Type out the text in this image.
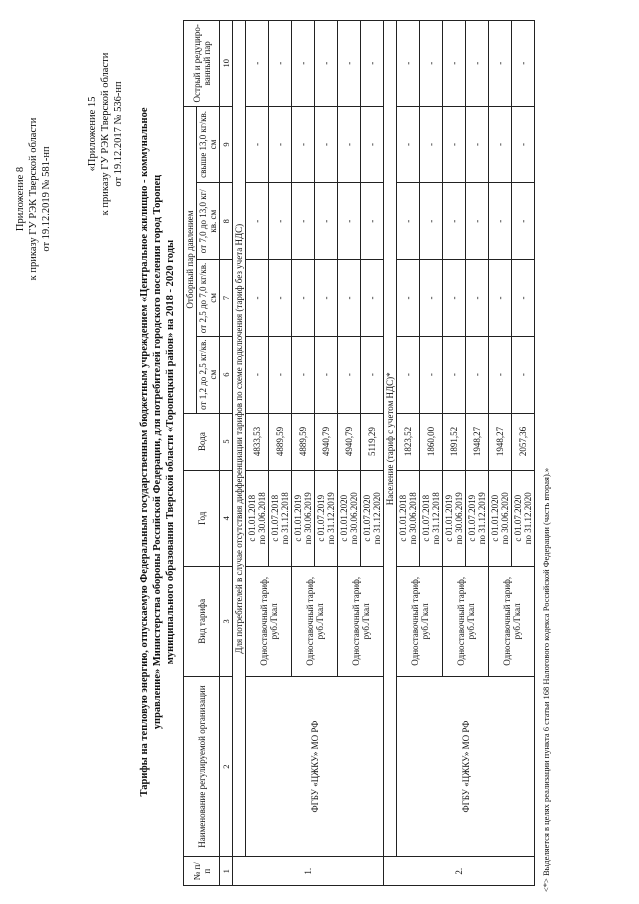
Приложение 8 к приказу ГУ РЭК Тверской области от 19.12.2019 № 581-нп
«Приложение 15 к приказу ГУ РЭК Тверской области от 19.12.2017 № 536-нп Тарифы на тепловую энергию, отпускаемую Федеральным государственным бюджетным учреждением «Центральное жилищно - коммунальное управление» Министерства обороны Российской Федерации, для потребителей городского поселения город Торопец муниципального образования Тверской области «Торопецкий район» на 2018 - 2020 годы
№ п/ п	Наименование регулируемой организации	Вид тарифа	Год	Вода	Отборный пар давлением				Острый и редуциро-ванный пар
					от 1,2 до 2,5 кг/кв. см	от 2,5 до 7,0 кг/кв. см	от 7,0 до 13,0 кг/кв. см	свыше 13,0 кг/кв. см	
1	2	3	4	5	6	7	8	9	10
1.	Для потребителей в случае отсутствия дифференциации тарифов по схеме подключения (тариф без учета НДС)								
	ФГБУ «ЦЖКУ» МО РФ	Одноставочный тариф, руб./Гкал	с 01.01.2018 по 30.06.2018	4833,53	-	-	-	-	-

			с 01.07.2018 по 31.12.2018	4889,59	-	-	-	-	-
		Одноставочный тариф, руб./Гкал	с 01.01.2019 по 30.06.2019	4889,59	-	-	-	-	-

			с 01.07.2019 по 31.12.2019	4940,79	-	-	-	-	-
		Одноставочный тариф, руб./Гкал	с 01.01.2020 по 30.06.2020	4940,79	-	-	-	-	-

			с 01.07.2020 по 31.12.2020	5119,29	-	-	-	-	-
2.	Население (тариф с учетом НДС)*								
	ФГБУ «ЦЖКУ» МО РФ	Одноставочный тариф, руб./Гкал	с 01.01.2018 по 30.06.2018	1823,52	-	-	-	-	-

			с 01.07.2018 по 31.12.2018	1860,00	-	-	-	-	-
		Одноставочный тариф, руб./Гкал	с 01.01.2019 по 30.06.2019	1891,52	-	-	-	-	-

			с 01.07.2019 по 31.12.2019	1948,27	-	-	-	-	-
		Одноставочный тариф, руб./Гкал	с 01.01.2020 по 30.06.2020	1948,27	-	-	-	-	-

			с 01.07.2020 по 31.12.2020	2057,36	-	-	-	-	-
<*> Выделяется в целях реализации пункта 6 статьи 168 Налогового кодекса Российской Федерации (часть вторая).»
